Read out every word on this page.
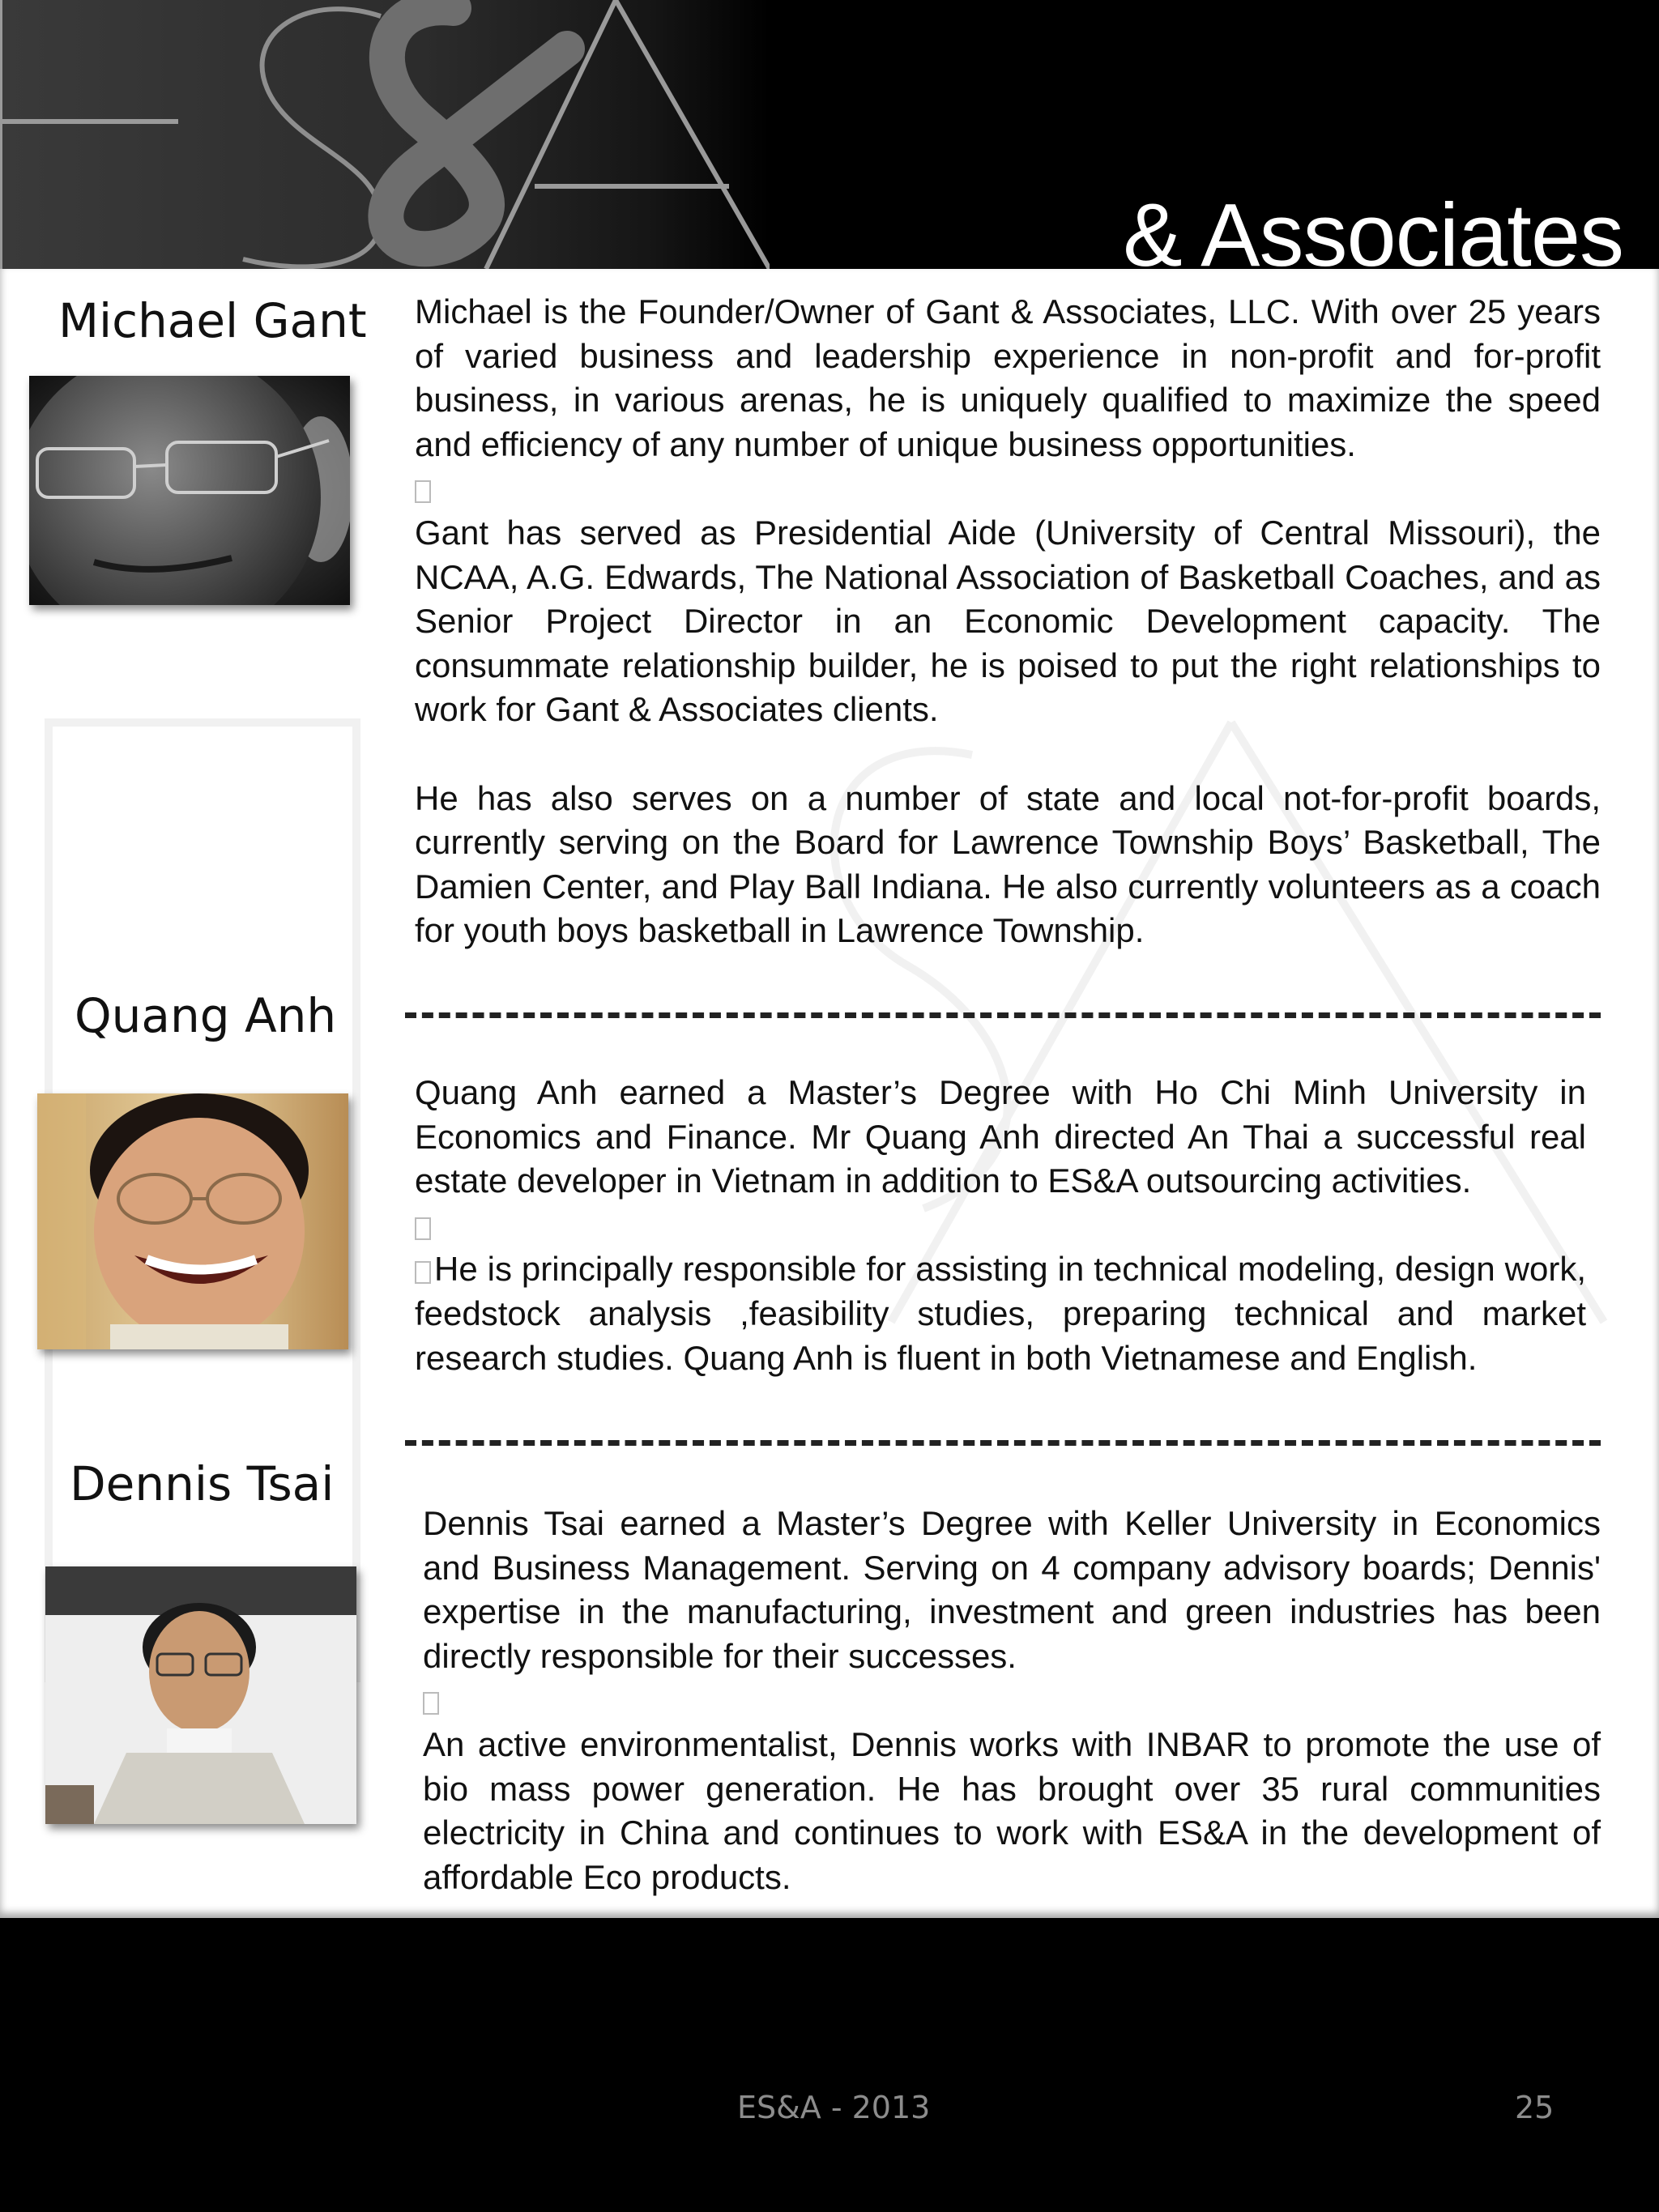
& Associates
Michael Gant Michael is the Founder/Owner of Gant & Associates, LLC. With over 25 years of varied business and leadership experience in non-profit and for-profit business, in various arenas, he is uniquely qualified to maximize the speed and efficiency of any number of unique business opportunities.

Gant has served as Presidential Aide (University of Central Missouri), the NCAA, A.G. Edwards, The National Association of Basketball Coaches, and as Senior Project Director in an Economic Development capacity. The consummate relationship builder, he is poised to put the right relationships to work for Gant & Associates clients.

He has also serves on a number of state and local not-for-profit boards, currently serving on the Board for Lawrence Township Boys’ Basketball, The Damien Center, and Play Ball Indiana. He also currently volunteers as a coach for youth boys basketball in Lawrence Township.

Quang Anh

Quang Anh earned a Master’s Degree with Ho Chi Minh University in Economics and Finance. Mr Quang Anh directed An Thai a successful real estate developer in Vietnam in addition to ES&A outsourcing activities.

He is principally responsible for assisting in technical modeling, design work, feedstock analysis ,feasibility studies, preparing technical and market research studies. Quang Anh is fluent in both Vietnamese and English.

Dennis Tsai

Dennis Tsai earned a Master’s Degree with Keller University in Economics and Business Management. Serving on 4 company advisory boards; Dennis' expertise in the manufacturing, investment and green industries has been directly responsible for their successes.

An active environmentalist, Dennis works with INBAR to promote the use of bio mass power generation. He has brought over 35 rural communities electricity in China and continues to work with ES&A in the development of affordable Eco products.

ES&A - 2013	25
